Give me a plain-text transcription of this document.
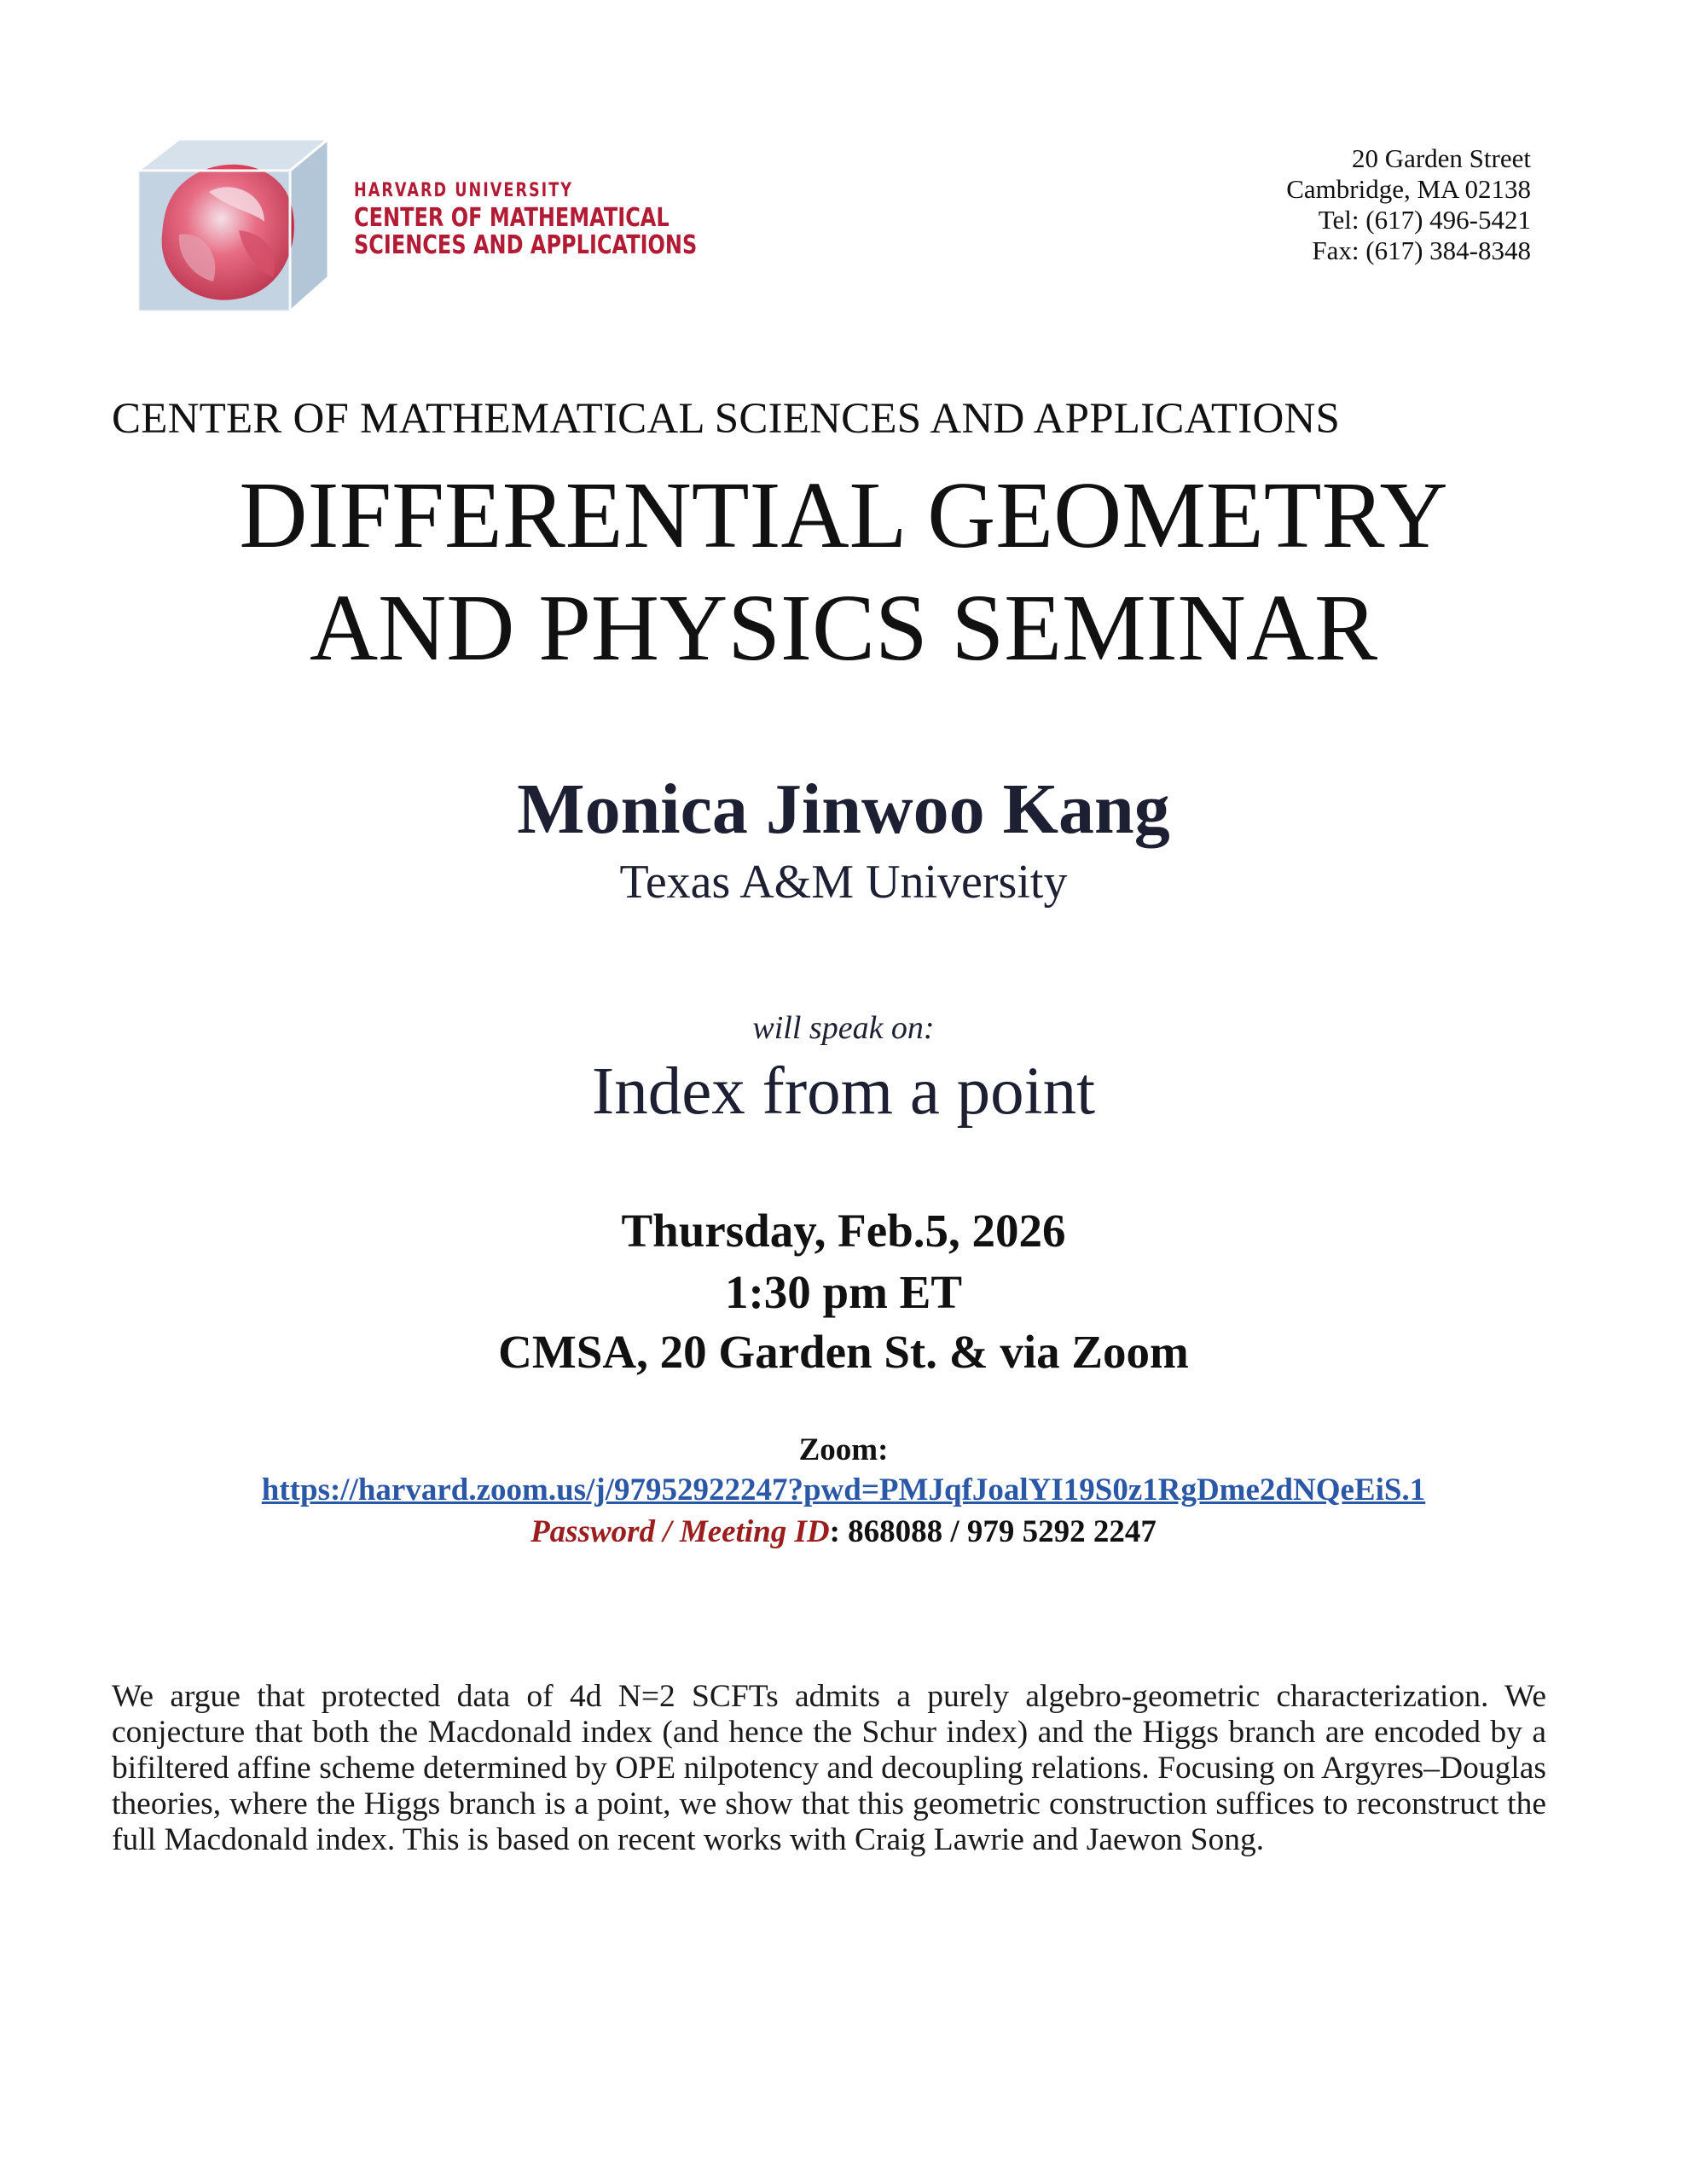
HARVARD UNIVERSITY
CENTER OF MATHEMATICAL
SCIENCES AND APPLICATIONS
20 Garden Street
Cambridge, MA 02138
Tel: (617) 496-5421
Fax: (617) 384-8348
CENTER OF MATHEMATICAL SCIENCES AND APPLICATIONS
DIFFERENTIAL GEOMETRY
AND PHYSICS SEMINAR
Monica Jinwoo Kang
Texas A&M University
will speak on:
Index from a point
Thursday, Feb.5, 2026
1:30 pm ET
CMSA, 20 Garden St. & via Zoom
Zoom:
https://harvard.zoom.us/j/97952922247?pwd=PMJqfJoalYI19S0z1RgDme2dNQeEiS.1
Password / Meeting ID: 868088 / 979 5292 2247
We argue that protected data of 4d N=2 SCFTs admits a purely algebro-geometric characterization. We conjecture that both the Macdonald index (and hence the Schur index) and the Higgs branch are encoded by a bifiltered affine scheme determined by OPE nilpotency and decoupling relations. Focusing on Argyres–Douglas theories, where the Higgs branch is a point, we show that this geometric construction suffices to reconstruct the full Macdonald index. This is based on recent works with Craig Lawrie and Jaewon Song.
